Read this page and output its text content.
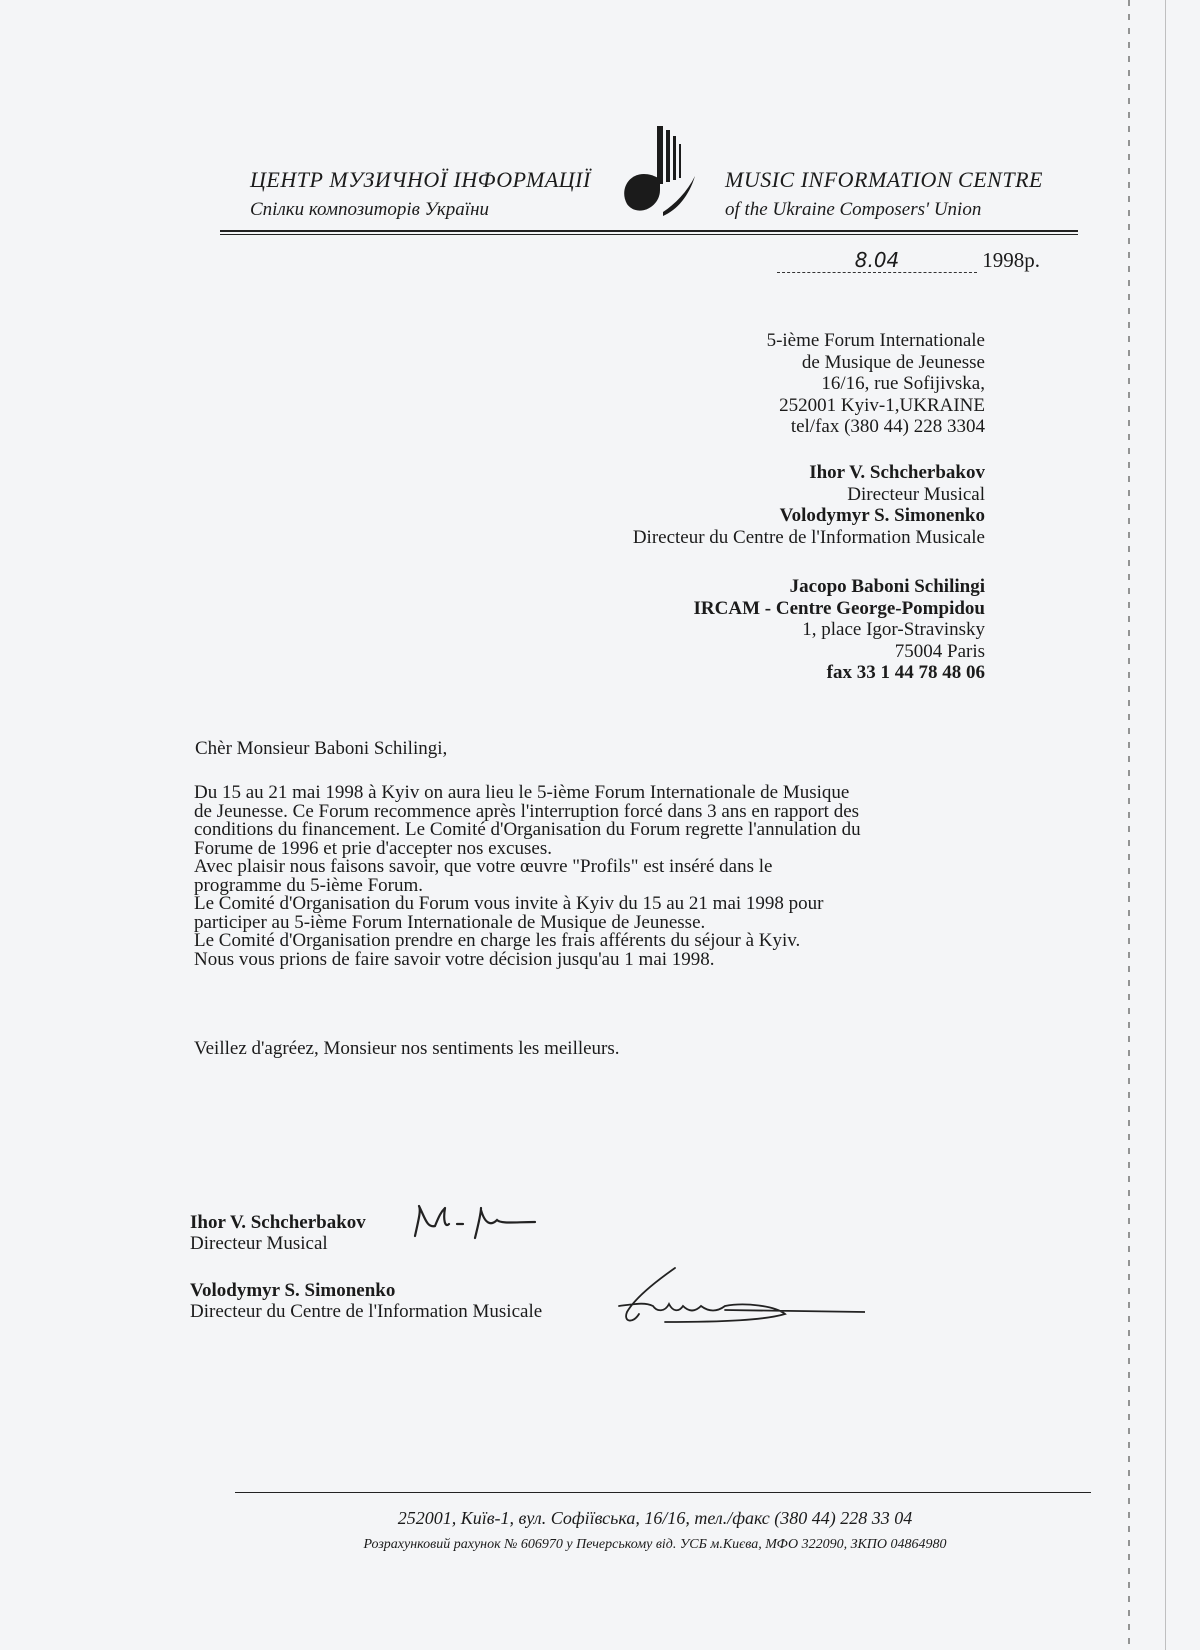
ЦЕНТР МУЗИЧНОЇ ІНФОРМАЦІЇ
Спілки композиторів України
MUSIC INFORMATION CENTRE
of the Ukraine Composers' Union
8.04	1998р.
5-ième Forum Internationale
de Musique de Jeunesse
16/16, rue Sofijivska,
252001 Kyiv-1,UKRAINE
tel/fax (380 44) 228 3304
Ihor V. Schcherbakov
Directeur Musical
Volodymyr S. Simonenko
Directeur du Centre de l'Information Musicale
Jacopo Baboni Schilingi
IRCAM - Centre George-Pompidou
1, place Igor-Stravinsky
75004 Paris
fax 33 1 44 78 48 06
Chèr Monsieur Baboni Schilingi,

Du 15 au 21 mai 1998 à Kyiv on aura lieu le 5-ième Forum Internationale de Musique

de Jeunesse. Ce Forum recommence après l'interruption forcé dans 3 ans en rapport des

conditions du financement. Le Comité d'Organisation du Forum regrette l'annulation du

Forume de 1996 et prie d'accepter nos excuses.

Avec plaisir nous faisons savoir, que votre œuvre "Profils" est inséré dans le

programme du 5-ième Forum.

Le Comité d'Organisation du Forum vous invite à Kyiv du 15 au 21 mai 1998 pour

participer au 5-ième Forum Internationale de Musique de Jeunesse.

Le Comité d'Organisation prendre en charge les frais afférents du séjour à Kyiv.

Nous vous prions de faire savoir votre décision jusqu'au 1 mai 1998.

Veillez d'agréez, Monsieur nos sentiments les meilleurs.
Ihor V. Schcherbakov
Directeur Musical
Volodymyr S. Simonenko
Directeur du Centre de l'Information Musicale
252001, Київ-1, вул. Софіївська, 16/16, тел./факс (380 44) 228 33 04
Розрахунковий рахунок № 606970 у Печерському від. УСБ м.Києва, МФО 322090, ЗКПО 04864980
